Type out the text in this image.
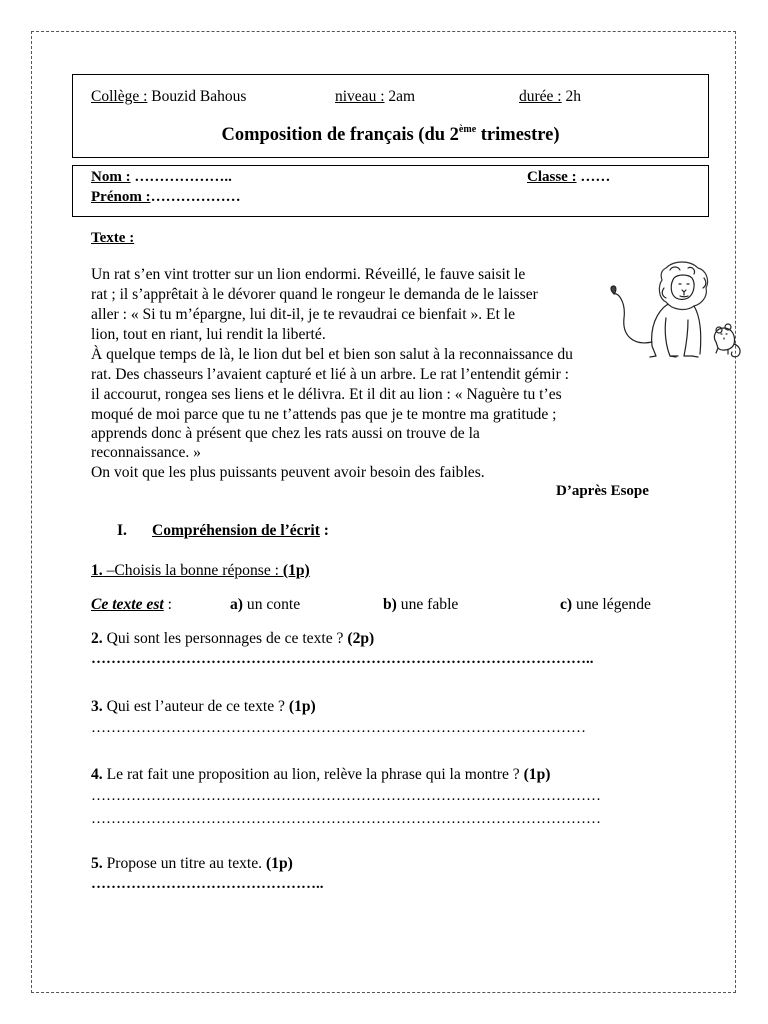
Collège : Bouzid Bahous	niveau : 2am	durée : 2h
Composition de français (du 2ème trimestre)
Nom : ………………..	Classe : ……
Prénom :………………
Texte :
Un rat s’en vint trotter sur un lion endormi. Réveillé, le fauve saisit le
rat ; il s’apprêtait à le dévorer quand le rongeur le demanda de le laisser
aller : « Si tu m’épargne, lui dit-il, je te revaudrai ce bienfait ». Et le
lion, tout en riant, lui rendit la liberté.
À quelque temps de là, le lion dut bel et bien son salut à la reconnaissance du
rat. Des chasseurs l’avaient capturé et lié à un arbre. Le rat l’entendit gémir :
il accourut, rongea ses liens et le délivra. Et il dit au lion : « Naguère tu t’es
moqué de moi parce que tu ne t’attends pas que je te montre ma gratitude ;
apprends donc à présent que chez les rats aussi on trouve de la
reconnaissance. »
On voit que les plus puissants peuvent avoir besoin des faibles.
D’après Esope
I. Compréhension de l’écrit :
1. –Choisis la bonne réponse : (1p)
Ce texte est :	a) un conte	b) une fable	c) une légende
2. Qui sont les personnages de ce texte ? (2p)
………………………………………………………………………………………..
3. Qui est l’auteur de ce texte ? (1p)
………………………………………………………………………………………
4. Le rat fait une proposition au lion, relève la phrase qui la montre ? (1p)
…………………………………………………………………………………………
…………………………………………………………………………………………
5. Propose un titre au texte. (1p)
………………………………………..
